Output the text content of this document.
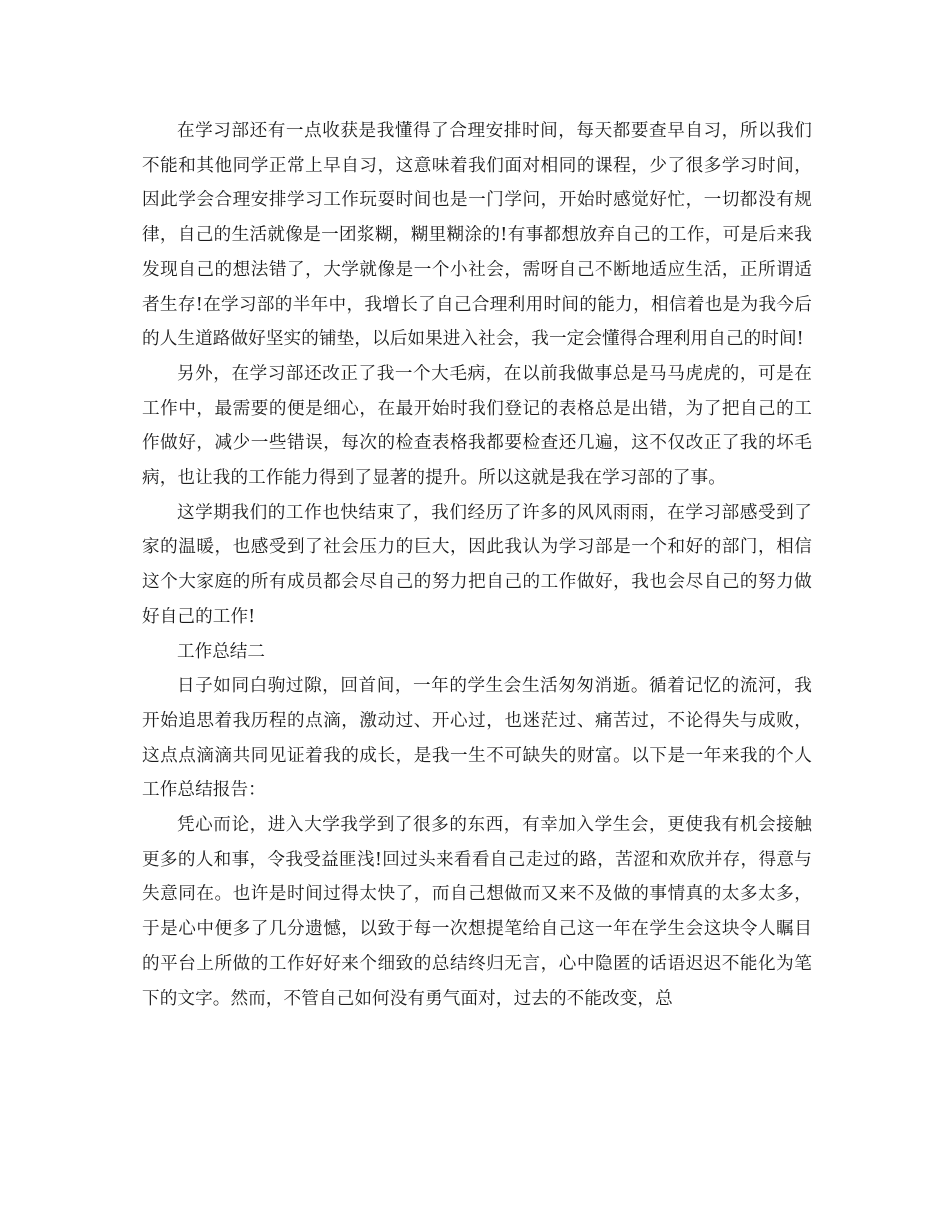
在学习部还有一点收获是我懂得了合理安排时间，每天都要查早自习，所以我们不能和其他同学正常上早自习，这意味着我们面对相同的课程，少了很多学习时间，因此学会合理安排学习工作玩耍时间也是一门学问，开始时感觉好忙，一切都没有规律，自己的生活就像是一团浆糊，糊里糊涂的!有事都想放弃自己的工作，可是后来我发现自己的想法错了，大学就像是一个小社会，需呀自己不断地适应生活，正所谓适者生存!在学习部的半年中，我增长了自己合理利用时间的能力，相信着也是为我今后的人生道路做好坚实的铺垫，以后如果进入社会，我一定会懂得合理利用自己的时间!

另外，在学习部还改正了我一个大毛病，在以前我做事总是马马虎虎的，可是在工作中，最需要的便是细心，在最开始时我们登记的表格总是出错，为了把自己的工作做好，减少一些错误，每次的检查表格我都要检查还几遍，这不仅改正了我的坏毛病，也让我的工作能力得到了显著的提升。所以这就是我在学习部的了事。

这学期我们的工作也快结束了，我们经历了许多的风风雨雨，在学习部感受到了家的温暖，也感受到了社会压力的巨大，因此我认为学习部是一个和好的部门，相信这个大家庭的所有成员都会尽自己的努力把自己的工作做好，我也会尽自己的努力做好自己的工作!

工作总结二

日子如同白驹过隙，回首间，一年的学生会生活匆匆消逝。循着记忆的流河，我开始追思着我历程的点滴，激动过、开心过，也迷茫过、痛苦过，不论得失与成败，这点点滴滴共同见证着我的成长，是我一生不可缺失的财富。以下是一年来我的个人工作总结报告：

凭心而论，进入大学我学到了很多的东西，有幸加入学生会，更使我有机会接触更多的人和事，令我受益匪浅!回过头来看看自己走过的路，苦涩和欢欣并存，得意与失意同在。也许是时间过得太快了，而自己想做而又来不及做的事情真的太多太多，于是心中便多了几分遗憾，以致于每一次想提笔给自己这一年在学生会这块令人瞩目的平台上所做的工作好好来个细致的总结终归无言，心中隐匿的话语迟迟不能化为笔下的文字。然而，不管自己如何没有勇气面对，过去的不能改变，总
